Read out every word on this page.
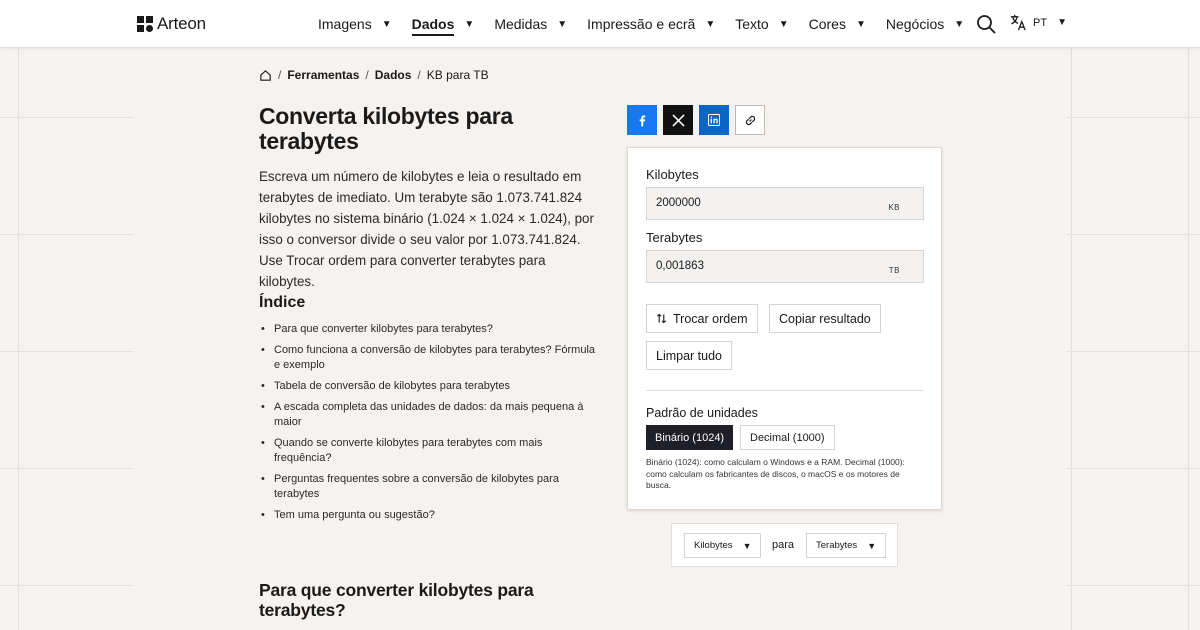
Arteon	Imagens ▼ Dados ▼ Medidas ▼ Impressão e ecrã ▼ Texto ▼ Cores ▼ Negócios ▼	PT ▼
/ Ferramentas / Dados / KB para TB
Converta kilobytes para terabytes

Escreva um número de kilobytes e leia o resultado em terabytes de imediato. Um terabyte são 1.073.741.824 kilobytes no sistema binário (1.024 × 1.024 × 1.024), por isso o conversor divide o seu valor por 1.073.741.824. Use Trocar ordem para converter terabytes para kilobytes.

Índice
• Para que converter kilobytes para terabytes?
• Como funciona a conversão de kilobytes para terabytes? Fórmula e exemplo
• Tabela de conversão de kilobytes para terabytes
• A escada completa das unidades de dados: da mais pequena à maior
• Quando se converte kilobytes para terabytes com mais frequência?
• Perguntas frequentes sobre a conversão de kilobytes para terabytes
• Tem uma pergunta ou sugestão?
Para que converter kilobytes para terabytes?
Kilobytes
2000000
KB
Terabytes
0,001863
TB
Trocar ordem	Copiar resultado
Limpar tudo
Padrão de unidades
Binário (1024)	Decimal (1000)

Binário (1024): como calculam o Windows e a RAM. Decimal (1000): como calculam os fabricantes de discos, o macOS e os motores de busca.

Kilobytes ▼ para Terabytes ▼
